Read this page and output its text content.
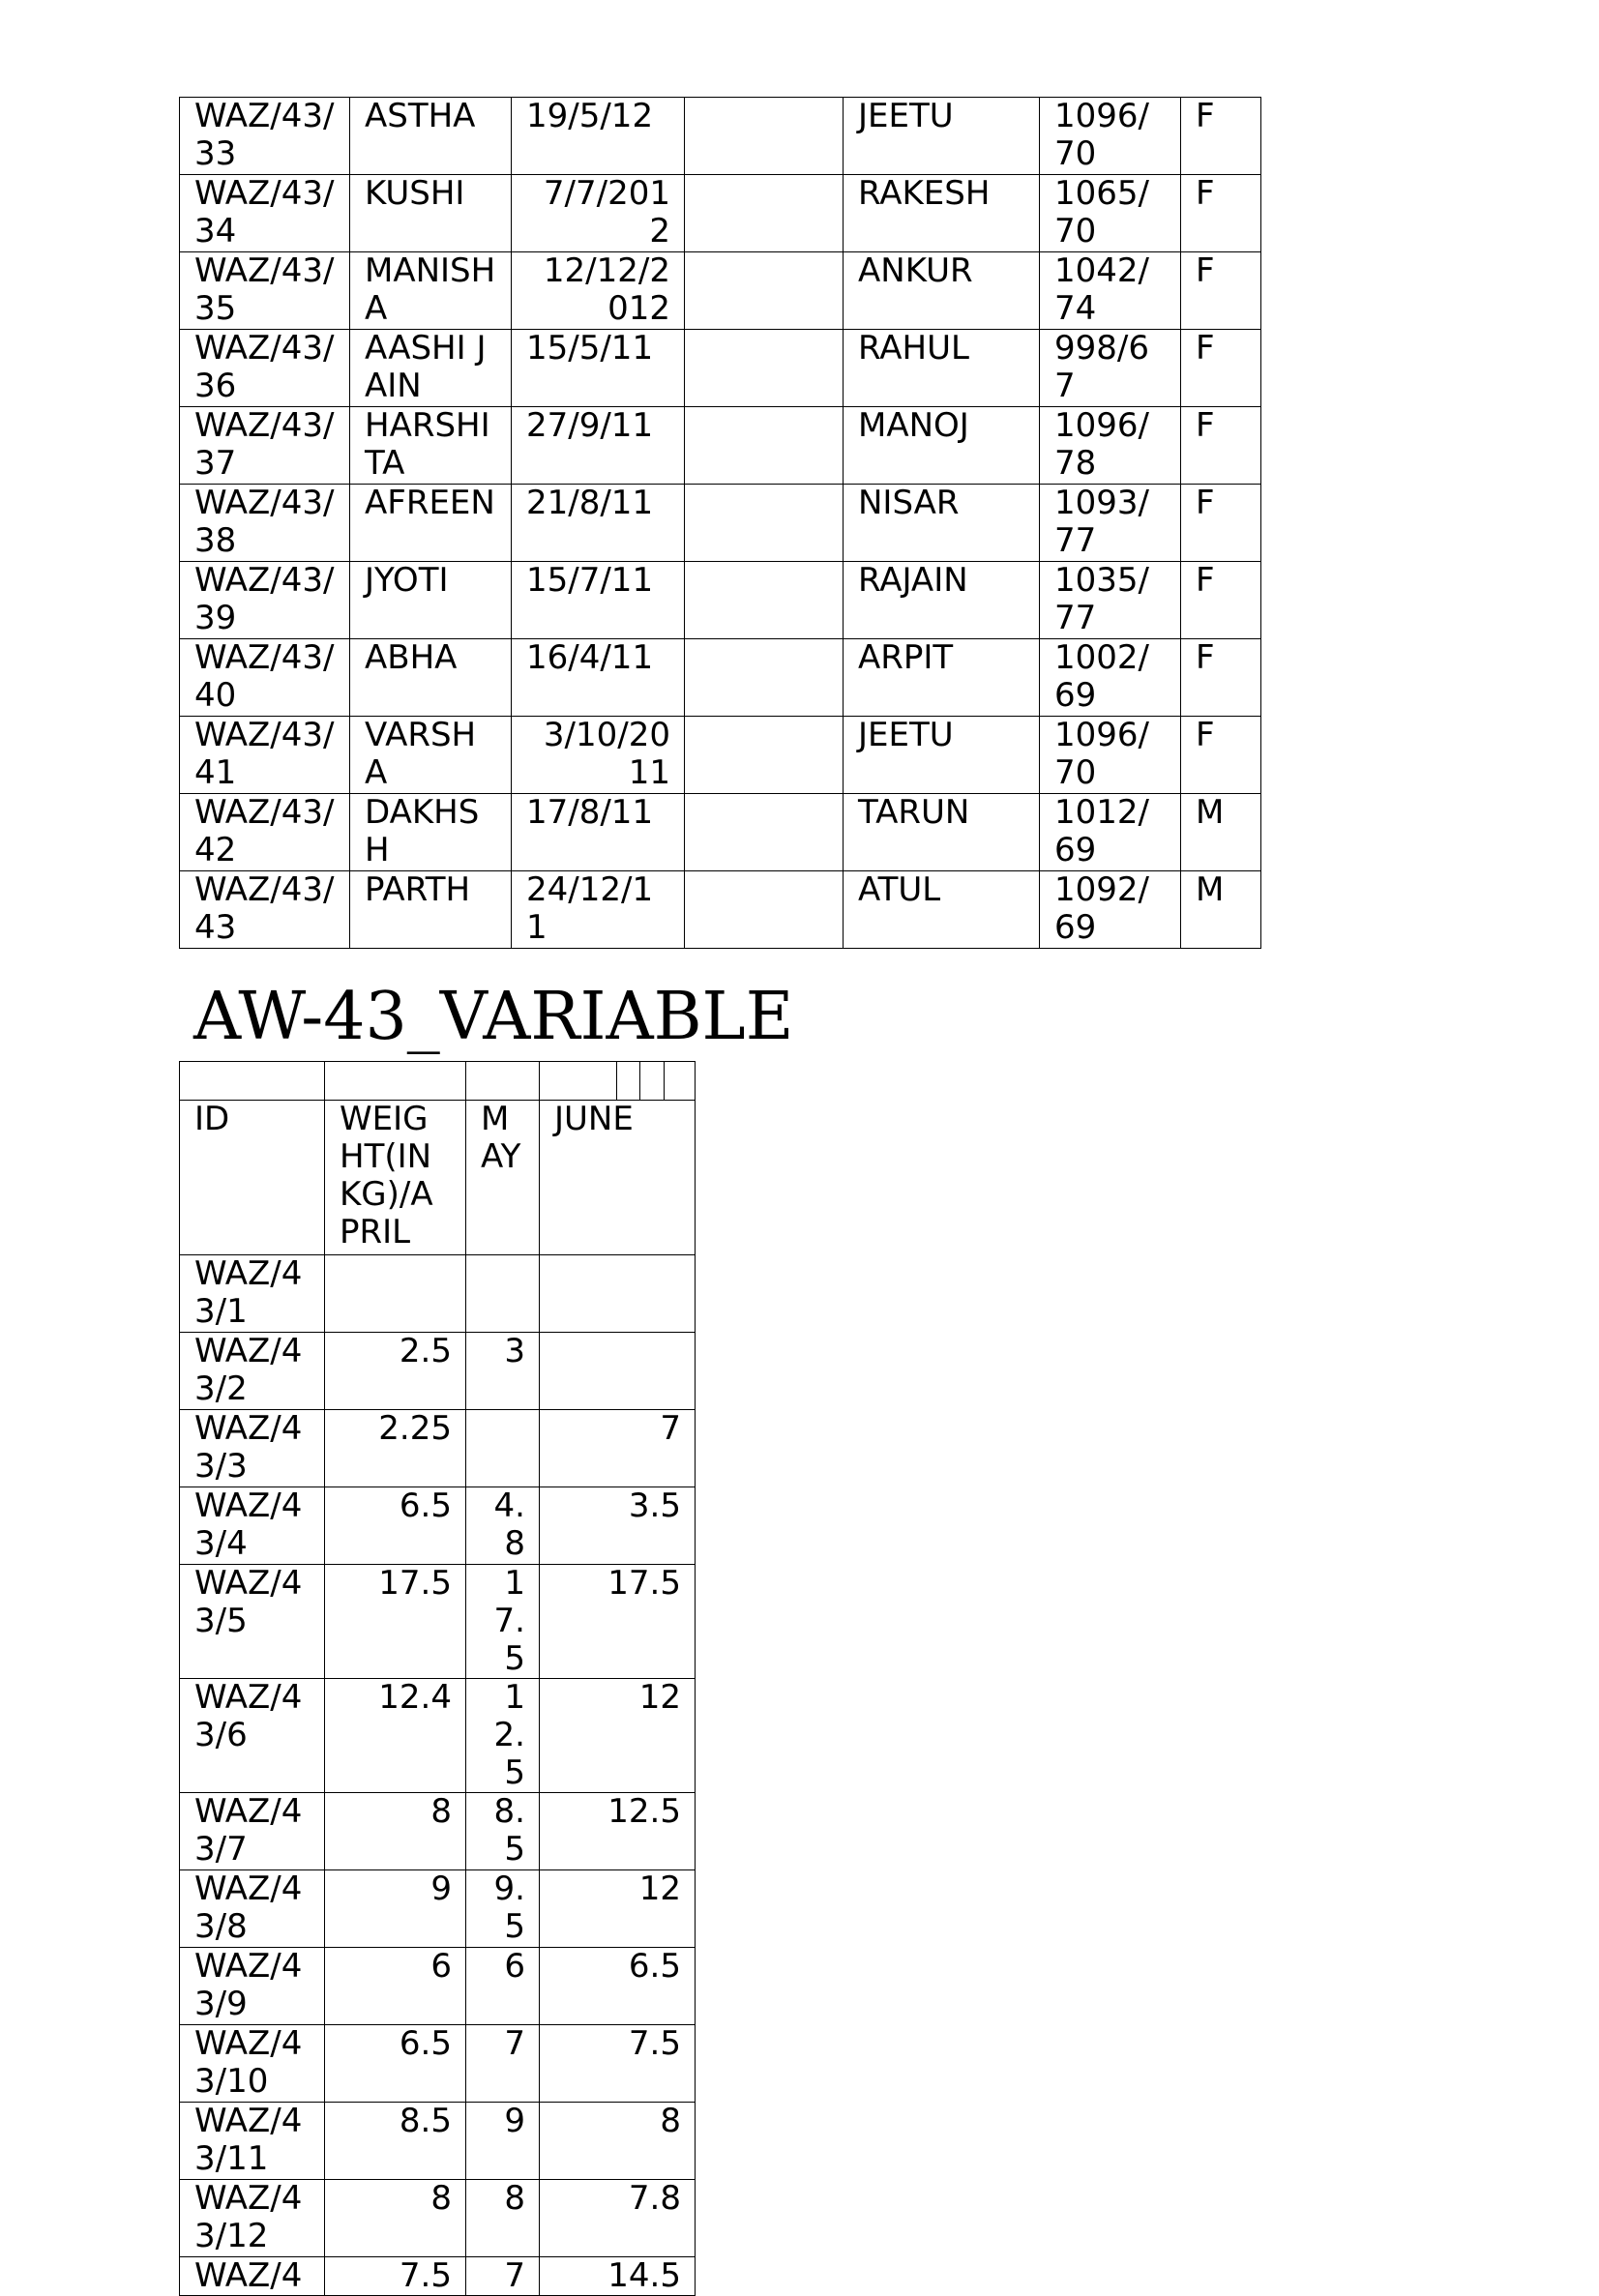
WAZ/43/33	ASTHA	19/5/12		JEETU	1096/70	F
WAZ/43/34	KUSHI	7/7/2012		RAKESH	1065/70	F
WAZ/43/35	MANISHA	12/12/2012		ANKUR	1042/74	F
WAZ/43/36	AASHI JAIN	15/5/11		RAHUL	998/67	F
WAZ/43/37	HARSHITA	27/9/11		MANOJ	1096/78	F
WAZ/43/38	AFREEN	21/8/11		NISAR	1093/77	F
WAZ/43/39	JYOTI	15/7/11		RAJAIN	1035/77	F
WAZ/43/40	ABHA	16/4/11		ARPIT	1002/69	F
WAZ/43/41	VARSHA	3/10/2011		JEETU	1096/70	F
WAZ/43/42	DAKHSH	17/8/11		TARUN	1012/69	M
WAZ/43/43	PARTH	24/12/11		ATUL	1092/69	M
AW-43_VARIABLE

ID	WEIGHT(IN KG)/APRIL	MAY	JUNE
WAZ/43/1			
WAZ/43/2	2.5	3	
WAZ/43/3	2.25		7
WAZ/43/4	6.5	4.8	3.5
WAZ/43/5	17.5	17.5	17.5
WAZ/43/6	12.4	12.5	12
WAZ/43/7	8	8.5	12.5
WAZ/43/8	9	9.5	12
WAZ/43/9	6	6	6.5
WAZ/43/10	6.5	7	7.5
WAZ/43/11	8.5	9	8
WAZ/43/12	8	8	7.8
WAZ/4	7.5	7	14.5
